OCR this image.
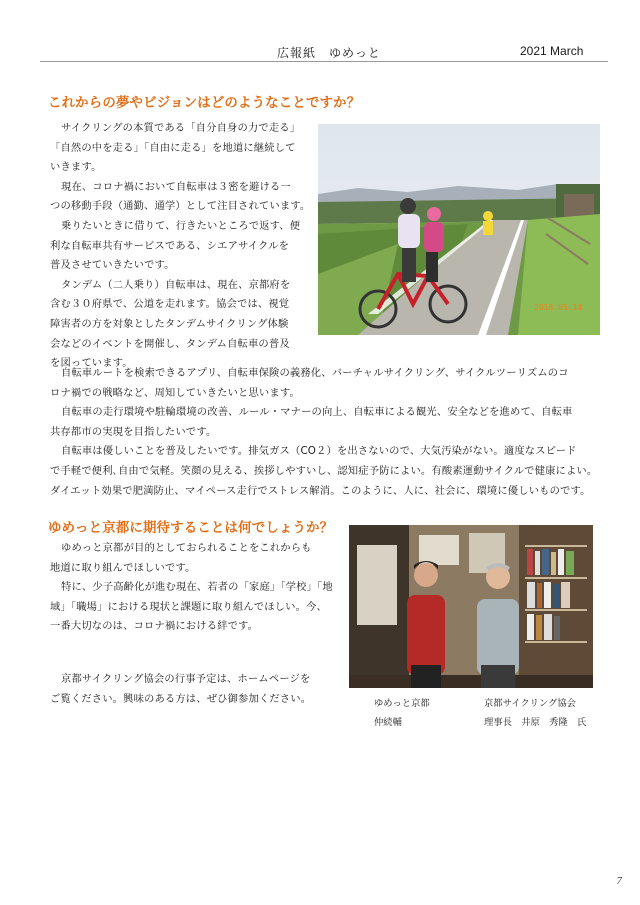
広報紙　ゆめっと	2021 March
これからの夢やビジョンはどのようなことですか？

サイクリングの本質である「自分自身の力で走る」

「自然の中を走る」「自由に走る」を地道に継続して

いきます。

現在、コロナ禍において自転車は３密を避ける一

つの移動手段（通勤、通学）として注目されています。

乗りたいときに借りて、行きたいところで返す、便

利な自転車共有サービスである、シエアサイクルを

普及させていきたいです。

タンデム（二人乗り）自転車は、現在、京都府を

含む３０府県で、公道を走れます。協会では、視覚

障害者の方を対象としたタンデムサイクリング体験

会などのイベントを開催し、タンデム自転車の普及

を図っています。

2018.05.14

自転車ルートを検索できるアプリ、自転車保険の義務化、バーチャルサイクリング、サイクルツーリズムのコ

ロナ禍での戦略など、周知していきたいと思います。

自転車の走行環境や駐輪環境の改善、ルール・マナーの向上、自転車による観光、安全などを進めて、自転車

共存都市の実現を目指したいです。

自転車は優しいことを普及したいです。排気ガス（CO２）を出さないので、大気汚染がない。適度なスピード

で手軽で便利､自由で気軽。笑顔の見える、挨拶しやすいし、認知症予防によい。有酸素運動サイクルで健康によい。

ダイエット効果で肥満防止、マイペース走行でストレス解消。このように、人に、社会に、環境に優しいものです。

ゆめっと京都に期待することは何でしょうか？

ゆめっと京都が目的としておられることをこれからも

地道に取り組んでほしいです。

特に、少子高齢化が進む現在、若者の「家庭」「学校」「地

域」「職場」における現状と課題に取り組んでほしい。今、

一番大切なのは、コロナ禍における絆です。

京都サイクリング協会の行事予定は、ホームページを

ご覧ください。興味のある方は、ぜひ御参加ください。	ゆめっと京都
仲続輔
京都サイクリング協会
理事長　井原　秀隆　氏
7
